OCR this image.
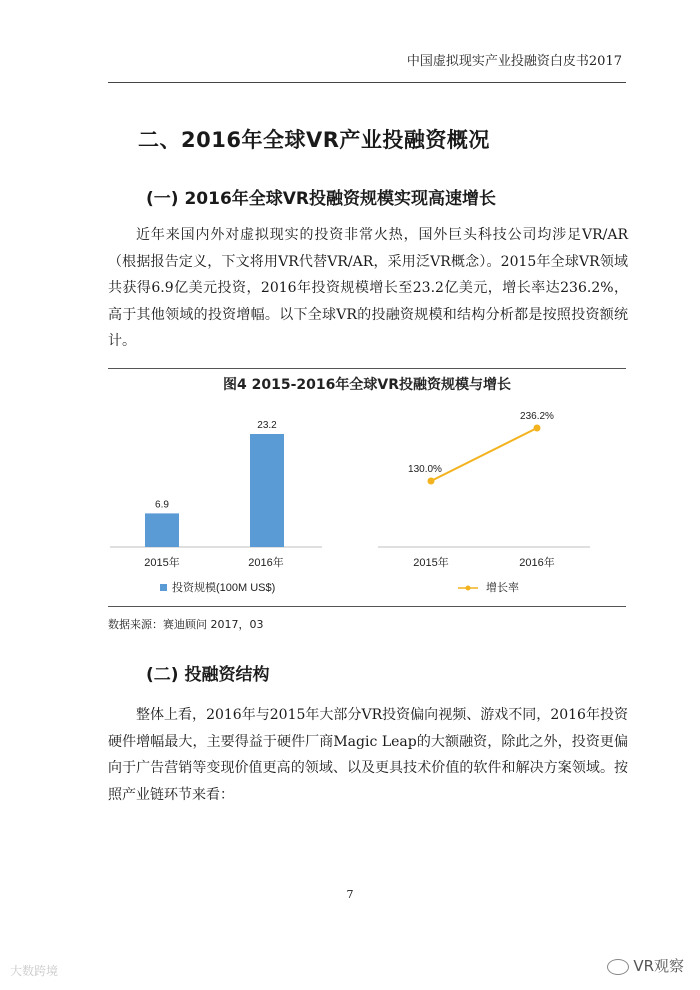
中国虚拟现实产业投融资白皮书2017
二、2016年全球VR产业投融资概况
(一) 2016年全球VR投融资规模实现高速增长

近年来国内外对虚拟现实的投资非常火热，国外巨头科技公司均涉足VR/AR（根据报告定义，下文将用VR代替VR/AR，采用泛VR概念）。2015年全球VR领域共获得6.9亿美元投资，2016年投资规模增长至23.2亿美元，增长率达236.2%，高于其他领域的投资增幅。以下全球VR的投融资规模和结构分析都是按照投资额统计。

图4 2015-2016年全球VR投融资规模与增长
6.9
23.2
2015年	2016年
投资规模(100M US$)
130.0%
236.2%
2015年	2016年
增长率
数据来源：赛迪顾问 2017，03
(二) 投融资结构

整体上看，2016年与2015年大部分VR投资偏向视频、游戏不同，2016年投资硬件增幅最大，主要得益于硬件厂商Magic Leap的大额融资，除此之外，投资更偏向于广告营销等变现价值更高的领域、以及更具技术价值的软件和解决方案领域。按照产业链环节来看：

7
大数跨境	VR观察
